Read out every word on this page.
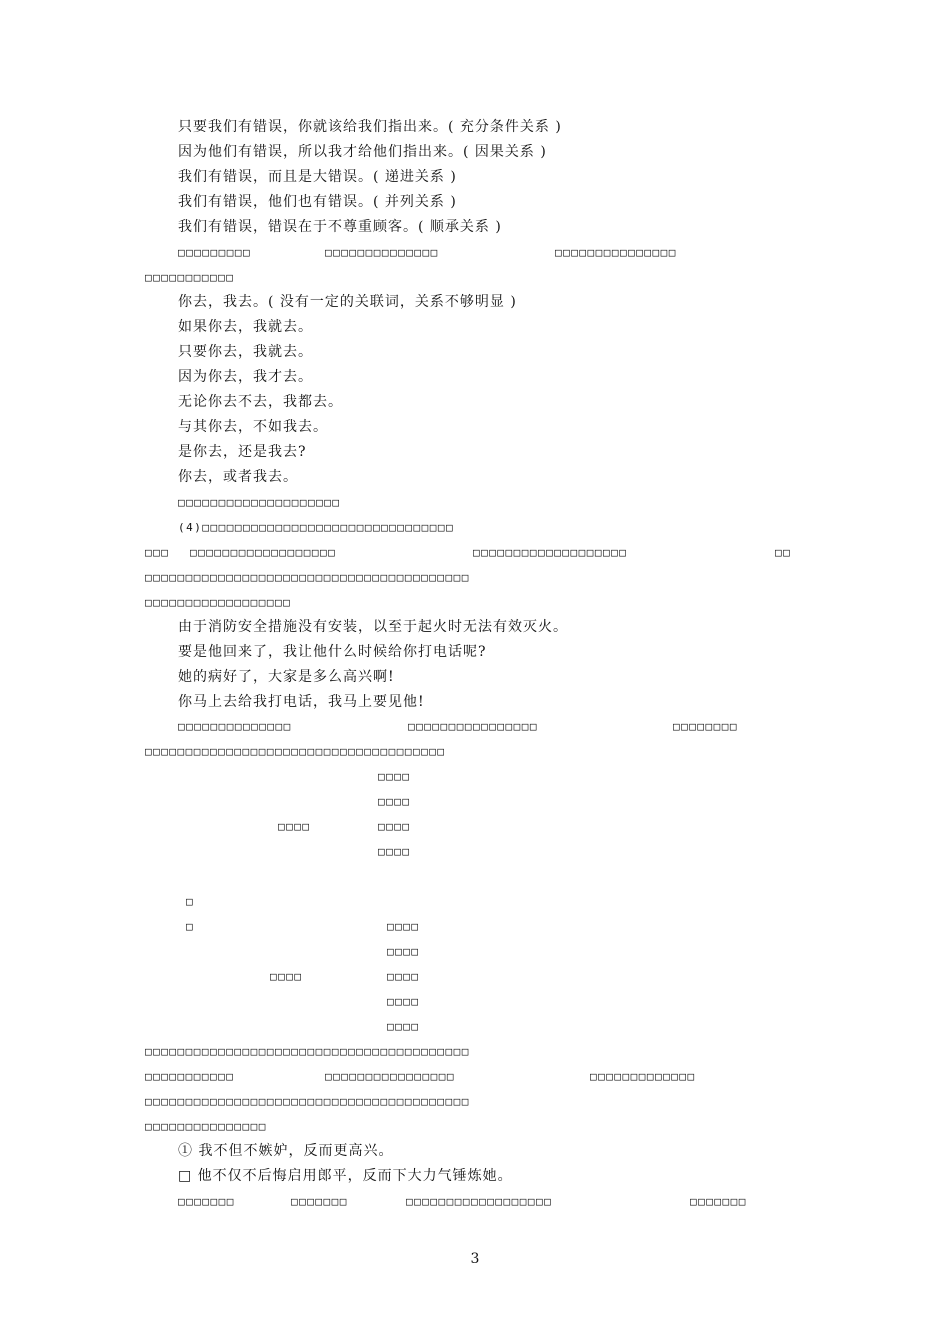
只要我们有错误，你就该给我们指出来。( 充分条件关系 )
因为他们有错误，所以我才给他们指出来。( 因果关系 )
我们有错误，而且是大错误。( 递进关系 )
我们有错误，他们也有错误。( 并列关系 )
我们有错误，错误在于不尊重顾客。( 顺承关系 )
□□□□□□□□□	□□□□□□□□□□□□□□	□□□□□□□□□□□□□□□
□□□□□□□□□□□
你去，我去。( 没有一定的关联词，关系不够明显 )
如果你去，我就去。
只要你去，我就去。
因为你去，我才去。
无论你去不去，我都去。
与其你去，不如我去。
是你去，还是我去?
你去，或者我去。
□□□□□□□□□□□□□□□□□□□□
(4)□□□□□□□□□□□□□□□□□□□□□□□□□□□□□□□
□□□ □□□□□□□□□□□□□□□□□□	□□□□□□□□□□□□□□□□□□□	□□
□□□□□□□□□□□□□□□□□□□□□□□□□□□□□□□□□□□□□□□□
□□□□□□□□□□□□□□□□□□
由于消防安全措施没有安装，以至于起火时无法有效灭火。
要是他回来了，我让他什么时候给你打电话呢?
她的病好了，大家是多么高兴啊!
你马上去给我打电话，我马上要见他!
□□□□□□□□□□□□□□	□□□□□□□□□□□□□□□□	□□□□□□□□
□□□□□□□□□□□□□□□□□□□□□□□□□□□□□□□□□□□□□
□□□□
□□□□
□□□□	□□□□
□□□□
□
□	□□□□
□□□□
□□□□	□□□□
□□□□
□□□□
□□□□□□□□□□□□□□□□□□□□□□□□□□□□□□□□□□□□□□□□
□□□□□□□□□□□	□□□□□□□□□□□□□□□□	□□□□□□□□□□□□□
□□□□□□□□□□□□□□□□□□□□□□□□□□□□□□□□□□□□□□□□
□□□□□□□□□□□□□□□
① 我不但不嫉妒，反而更高兴。
□ 他不仅不后悔启用郎平，反而下大力气锤炼她。
□□□□□□□	□□□□□□□	□□□□□□□□□□□□□□□□□□	□□□□□□□
3
